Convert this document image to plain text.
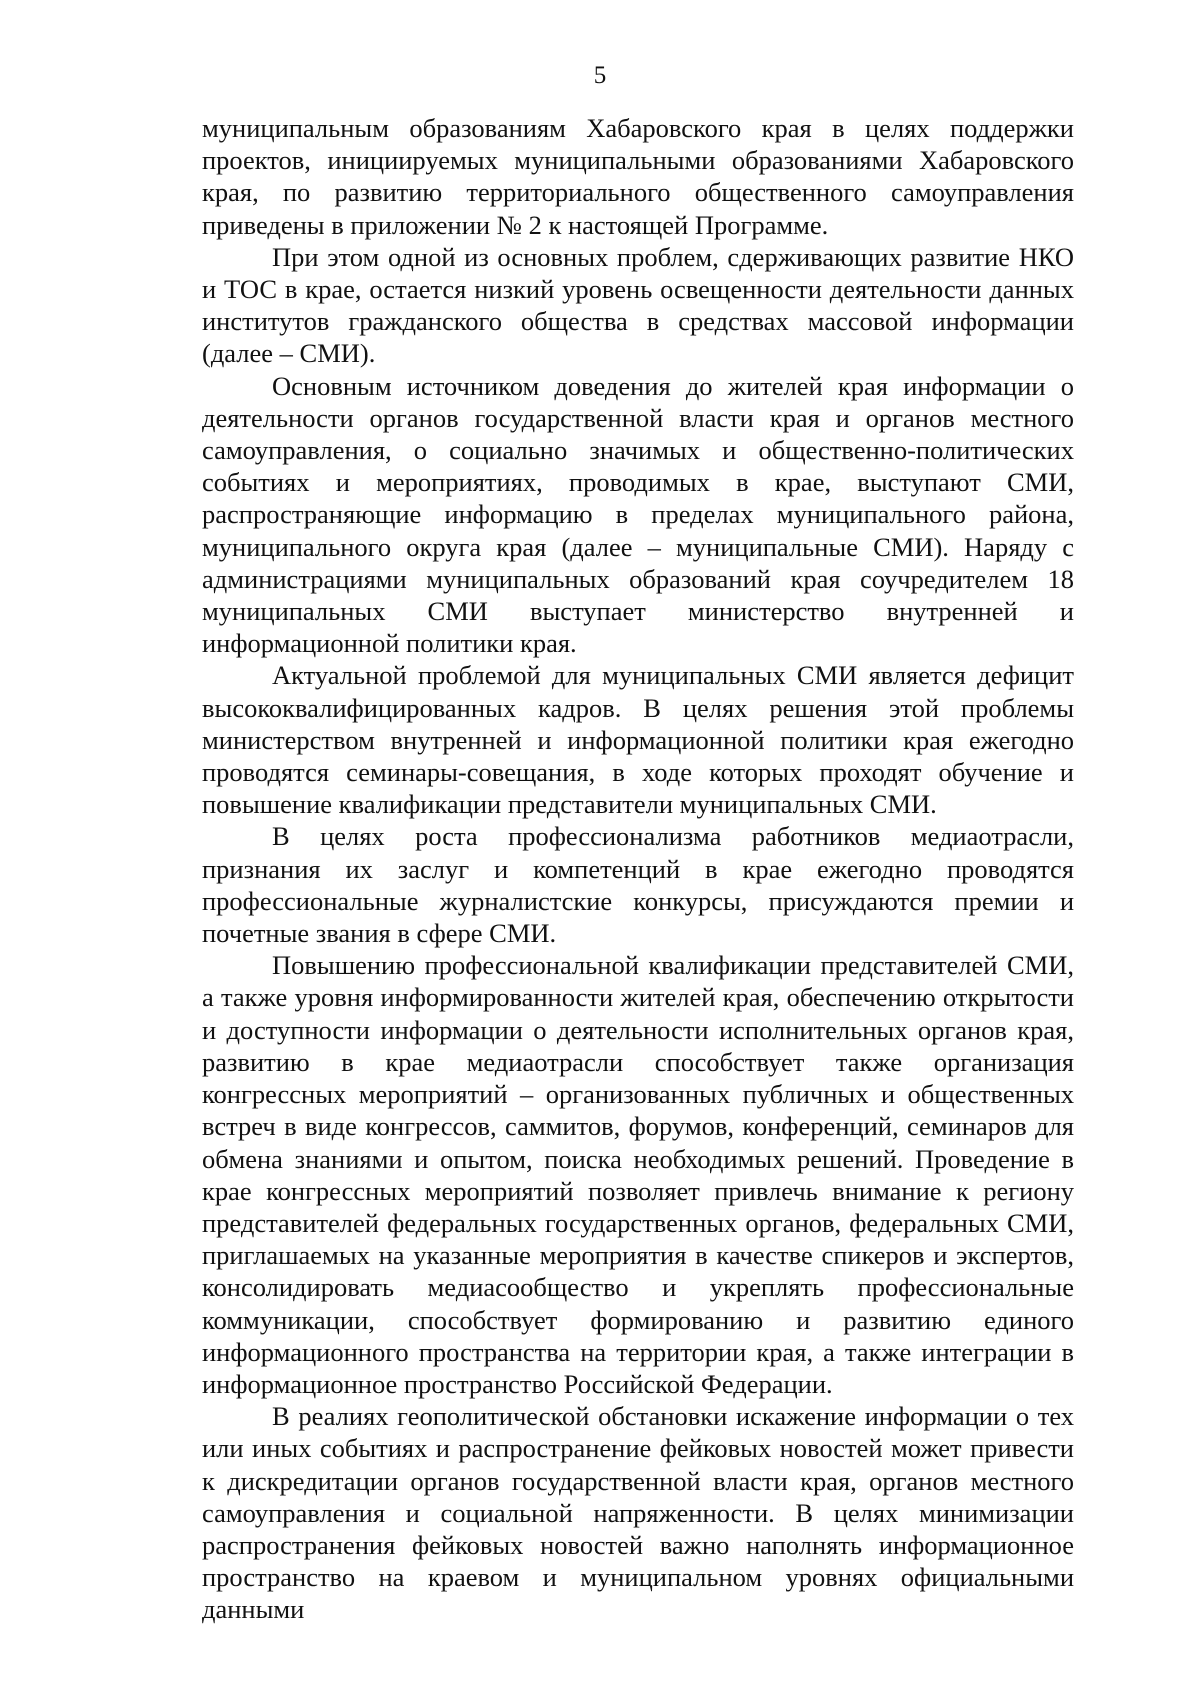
5

муниципальным образованиям Хабаровского края в целях поддержки проектов, инициируемых муниципальными образованиями Хабаровского края, по развитию территориального общественного самоуправления приведены в приложении № 2 к настоящей Программе.

При этом одной из основных проблем, сдерживающих развитие НКО и ТОС в крае, остается низкий уровень освещенности деятельности данных институтов гражданского общества в средствах массовой информации (далее – СМИ).

Основным источником доведения до жителей края информации о деятельности органов государственной власти края и органов местного самоуправления, о социально значимых и общественно-политических событиях и мероприятиях, проводимых в крае, выступают СМИ, распространяющие информацию в пределах муниципального района, муниципального округа края (далее – муниципальные СМИ). Наряду с администрациями муниципальных образований края соучредителем 18 муниципальных СМИ выступает министерство внутренней и информационной политики края.

Актуальной проблемой для муниципальных СМИ является дефицит высококвалифицированных кадров. В целях решения этой проблемы министерством внутренней и информационной политики края ежегодно проводятся семинары-совещания, в ходе которых проходят обучение и повышение квалификации представители муниципальных СМИ.

В целях роста профессионализма работников медиаотрасли, признания их заслуг и компетенций в крае ежегодно проводятся профессиональные журналистские конкурсы, присуждаются премии и почетные звания в сфере СМИ.

Повышению профессиональной квалификации представителей СМИ, а также уровня информированности жителей края, обеспечению открытости и доступности информации о деятельности исполнительных органов края, развитию в крае медиаотрасли способствует также организация конгрессных мероприятий – организованных публичных и общественных встреч в виде конгрессов, саммитов, форумов, конференций, семинаров для обмена знаниями и опытом, поиска необходимых решений. Проведение в крае конгрессных мероприятий позволяет привлечь внимание к региону представителей федеральных государственных органов, федеральных СМИ, приглашаемых на указанные мероприятия в качестве спикеров и экспертов, консолидировать медиасообщество и укреплять профессиональные коммуникации, способствует формированию и развитию единого информационного пространства на территории края, а также интеграции в информационное пространство Российской Федерации.

В реалиях геополитической обстановки искажение информации о тех или иных событиях и распространение фейковых новостей может привести к дискредитации органов государственной власти края, органов местного самоуправления и социальной напряженности. В целях минимизации распространения фейковых новостей важно наполнять информационное пространство на краевом и муниципальном уровнях официальными данными
